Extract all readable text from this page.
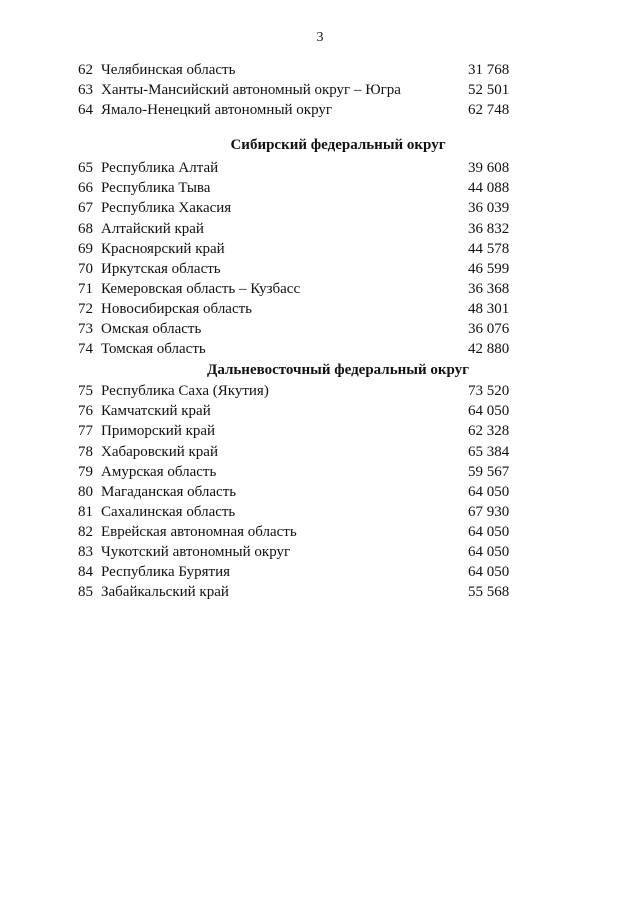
3
62 Челябинская область	31 768
63 Ханты-Мансийский автономный округ – Югра	52 501
64 Ямало-Ненецкий автономный округ	62 748
Сибирский федеральный округ
65 Республика Алтай	39 608
66 Республика Тыва	44 088
67 Республика Хакасия	36 039
68 Алтайский край	36 832
69 Красноярский край	44 578
70 Иркутская область	46 599
71 Кемеровская область – Кузбасс	36 368
72 Новосибирская область	48 301
73 Омская область	36 076
74 Томская область	42 880
Дальневосточный федеральный округ
75 Республика Саха (Якутия)	73 520
76 Камчатский край	64 050
77 Приморский край	62 328
78 Хабаровский край	65 384
79 Амурская область	59 567
80 Магаданская область	64 050
81 Сахалинская область	67 930
82 Еврейская автономная область	64 050
83 Чукотский автономный округ	64 050
84 Республика Бурятия	64 050
85 Забайкальский край	55 568
